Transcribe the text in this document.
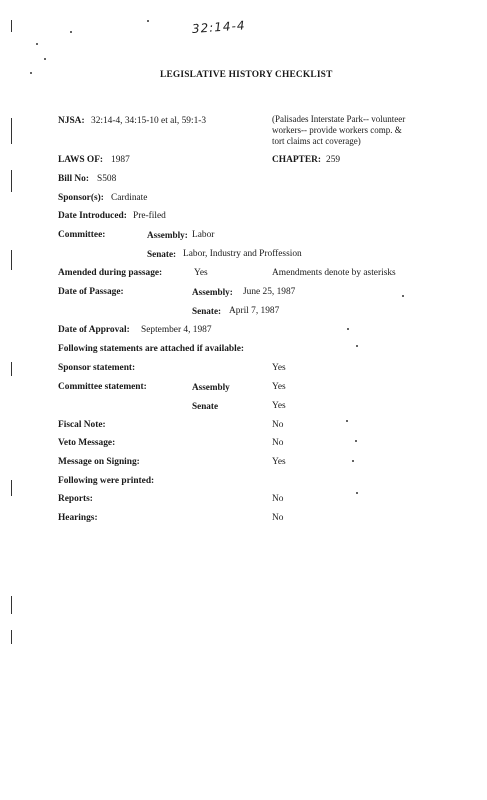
32:14-4
LEGISLATIVE HISTORY CHECKLIST
NJSA: 32:14-4, 34:15-10 et al, 59:1-3	(Palisades Interstate Park-- volunteer
workers-- provide workers comp. &
tort claims act coverage)
LAWS OF: 1987	CHAPTER: 259
Bill No: S508
Sponsor(s): Cardinate
Date Introduced: Pre-filed
Committee:	Assembly: Labor
Senate: Labor, Industry and Proffession
Amended during passage:	Yes	Amendments denote by asterisks
Date of Passage:	Assembly: June 25, 1987
Senate: April 7, 1987
Date of Approval: September 4, 1987
Following statements are attached if available:
Sponsor statement:	Yes
Committee statement:	Assembly	Yes
Senate	Yes
Fiscal Note:	No
Veto Message:	No
Message on Signing:	Yes
Following were printed:
Reports:	No
Hearings:	No
